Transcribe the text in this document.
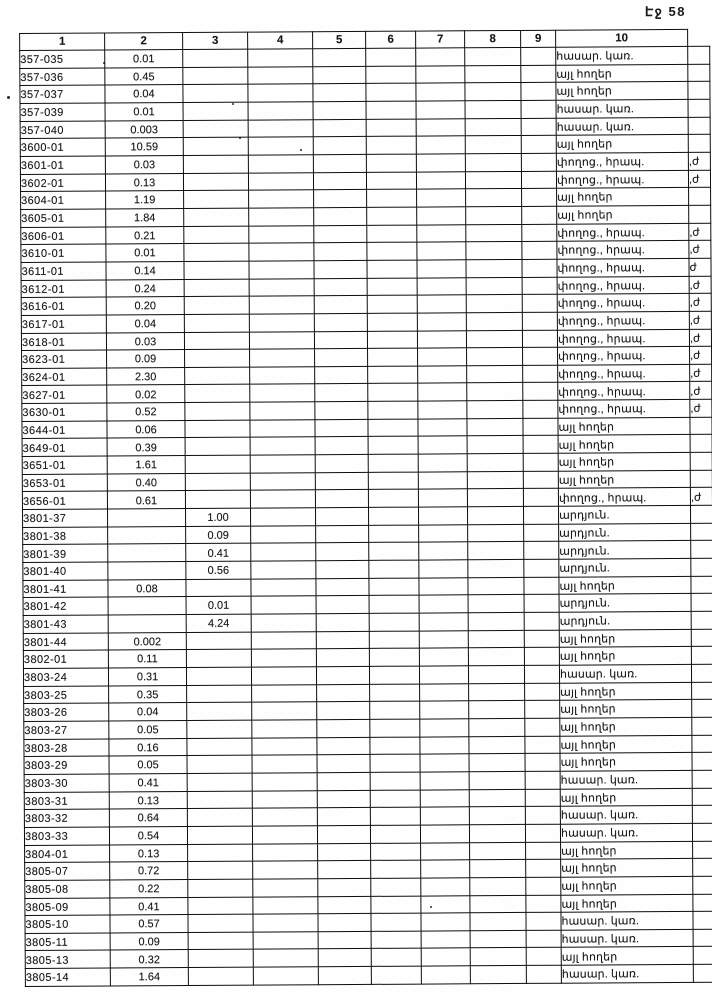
Էջ 58
1	2	3	4	5	6	7	8	9	10	
357-035	0.01								հասար. կառ.	
357-036	0.45								այլ հողեր	
357-037	0.04								այլ հողեր	
357-039	0.01								հասար. կառ.	
357-040	0.003								հասար. կառ.	
3600-01	10.59								այլ հողեր	
3601-01	0.03								փողոց., հրապ.	,ժ
3602-01	0.13								փողոց., հրապ.	,ժ
3604-01	1.19								այլ հողեր	
3605-01	1.84								այլ հողեր	
3606-01	0.21								փողոց., հրապ.	,ժ
3610-01	0.01								փողոց., հրապ.	,ժ
3611-01	0.14								փողոց., հրապ.	ժ
3612-01	0.24								փողոց., հրապ.	,ժ
3616-01	0.20								փողոց., հրապ.	,ժ
3617-01	0.04								փողոց., հրապ.	,ժ
3618-01	0.03								փողոց., հրապ.	,ժ
3623-01	0.09								փողոց., հրապ.	,ժ
3624-01	2.30								փողոց., հրապ.	,ժ
3627-01	0.02								փողոց., հրապ.	,ժ
3630-01	0.52								փողոց., հրապ.	,ժ
3644-01	0.06								այլ հողեր	
3649-01	0.39								այլ հողեր	
3651-01	1.61								այլ հողեր	
3653-01	0.40								այլ հողեր	
3656-01	0.61								փողոց., հրապ.	,ժ
3801-37		1.00							արդյուն.	
3801-38		0.09							արդյուն.	
3801-39		0.41							արդյուն.	
3801-40		0.56							արդյուն.	
3801-41	0.08								այլ հողեր	
3801-42		0.01							արդյուն.	
3801-43		4.24							արդյուն.	
3801-44	0.002								այլ հողեր	
3802-01	0.11								այլ հողեր	
3803-24	0.31								հասար. կառ.	
3803-25	0.35								այլ հողեր	
3803-26	0.04								այլ հողեր	
3803-27	0.05								այլ հողեր	
3803-28	0.16								այլ հողեր	
3803-29	0.05								այլ հողեր	
3803-30	0.41								հասար. կառ.	
3803-31	0.13								այլ հողեր	
3803-32	0.64								հասար. կառ.	
3803-33	0.54								հասար. կառ.	
3804-01	0.13								այլ հողեր	
3805-07	0.72								այլ հողեր	
3805-08	0.22								այլ հողեր	
3805-09	0.41								այլ հողեր	
3805-10	0.57								հասար. կառ.	
3805-11	0.09								հասար. կառ.	
3805-13	0.32								այլ հողեր	
3805-14	1.64								հասար. կառ.	
